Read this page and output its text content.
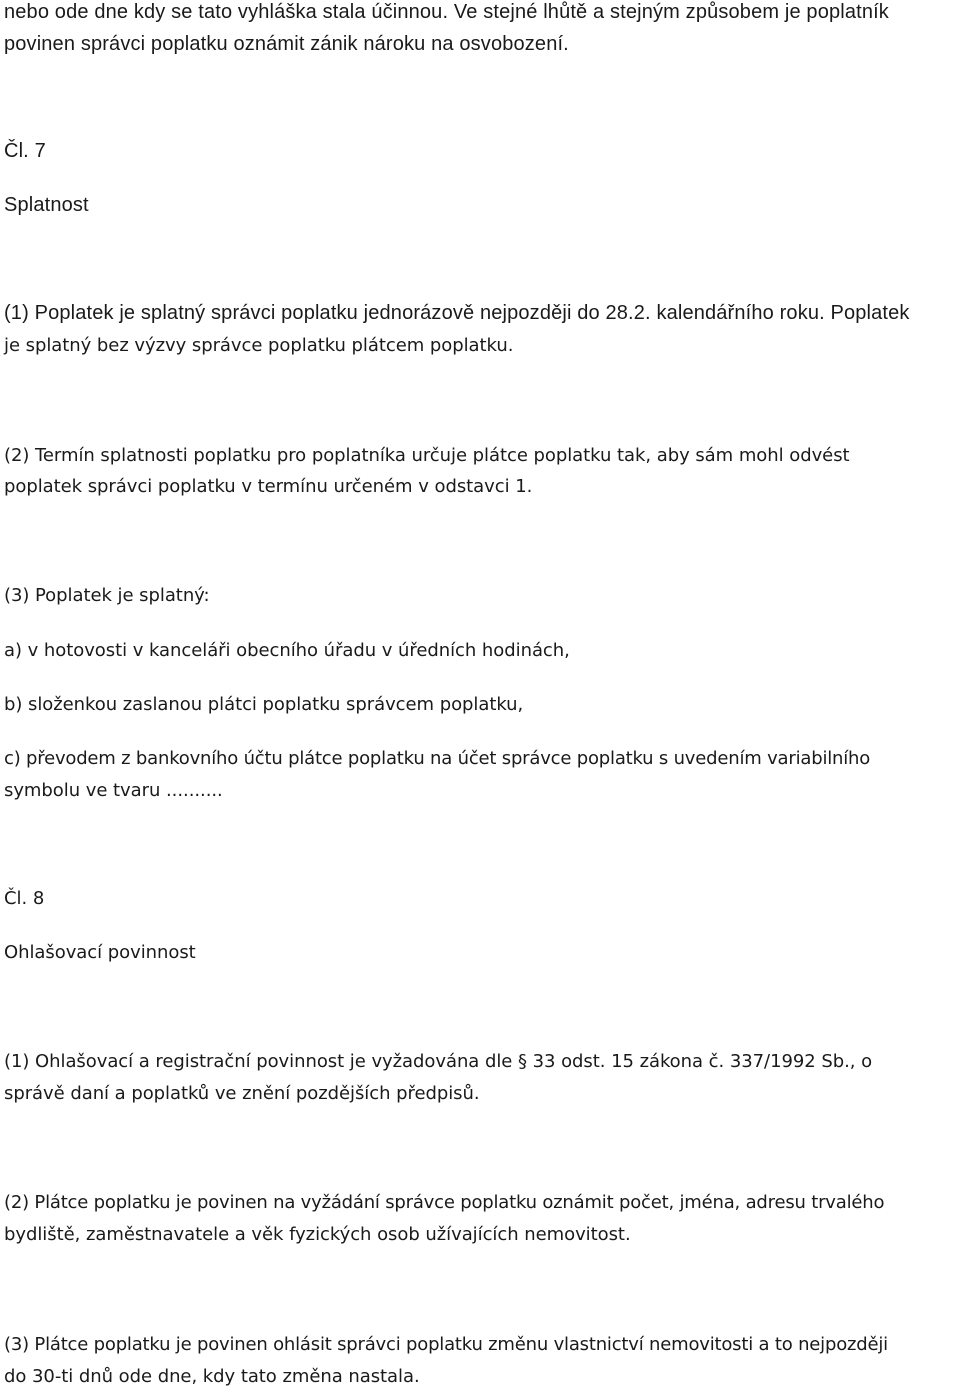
nebo ode dne kdy se tato vyhláška stala účinnou. Ve stejné lhůtě a stejným způsobem je poplatník
povinen správci poplatku oznámit zánik nároku na osvobození.
Čl. 7
Splatnost
(1) Poplatek je splatný správci poplatku jednorázově nejpozději do 28.2. kalendářního roku. Poplatek
je splatný bez výzvy správce poplatku plátcem poplatku.
(2) Termín splatnosti poplatku pro poplatníka určuje plátce poplatku tak, aby sám mohl odvést
poplatek správci poplatku v termínu určeném v odstavci 1.
(3) Poplatek je splatný:
a) v hotovosti v kanceláři obecního úřadu v úředních hodinách,
b) složenkou zaslanou plátci poplatku správcem poplatku,
c) převodem z bankovního účtu plátce poplatku na účet správce poplatku s uvedením variabilního
symbolu ve tvaru ..........
Čl. 8
Ohlašovací povinnost
(1) Ohlašovací a registrační povinnost je vyžadována dle § 33 odst. 15 zákona č. 337/1992 Sb., o
správě daní a poplatků ve znění pozdějších předpisů.
(2) Plátce poplatku je povinen na vyžádání správce poplatku oznámit počet, jména, adresu trvalého
bydliště, zaměstnavatele a věk fyzických osob užívajících nemovitost.
(3) Plátce poplatku je povinen ohlásit správci poplatku změnu vlastnictví nemovitosti a to nejpozději
do 30-ti dnů ode dne, kdy tato změna nastala.
